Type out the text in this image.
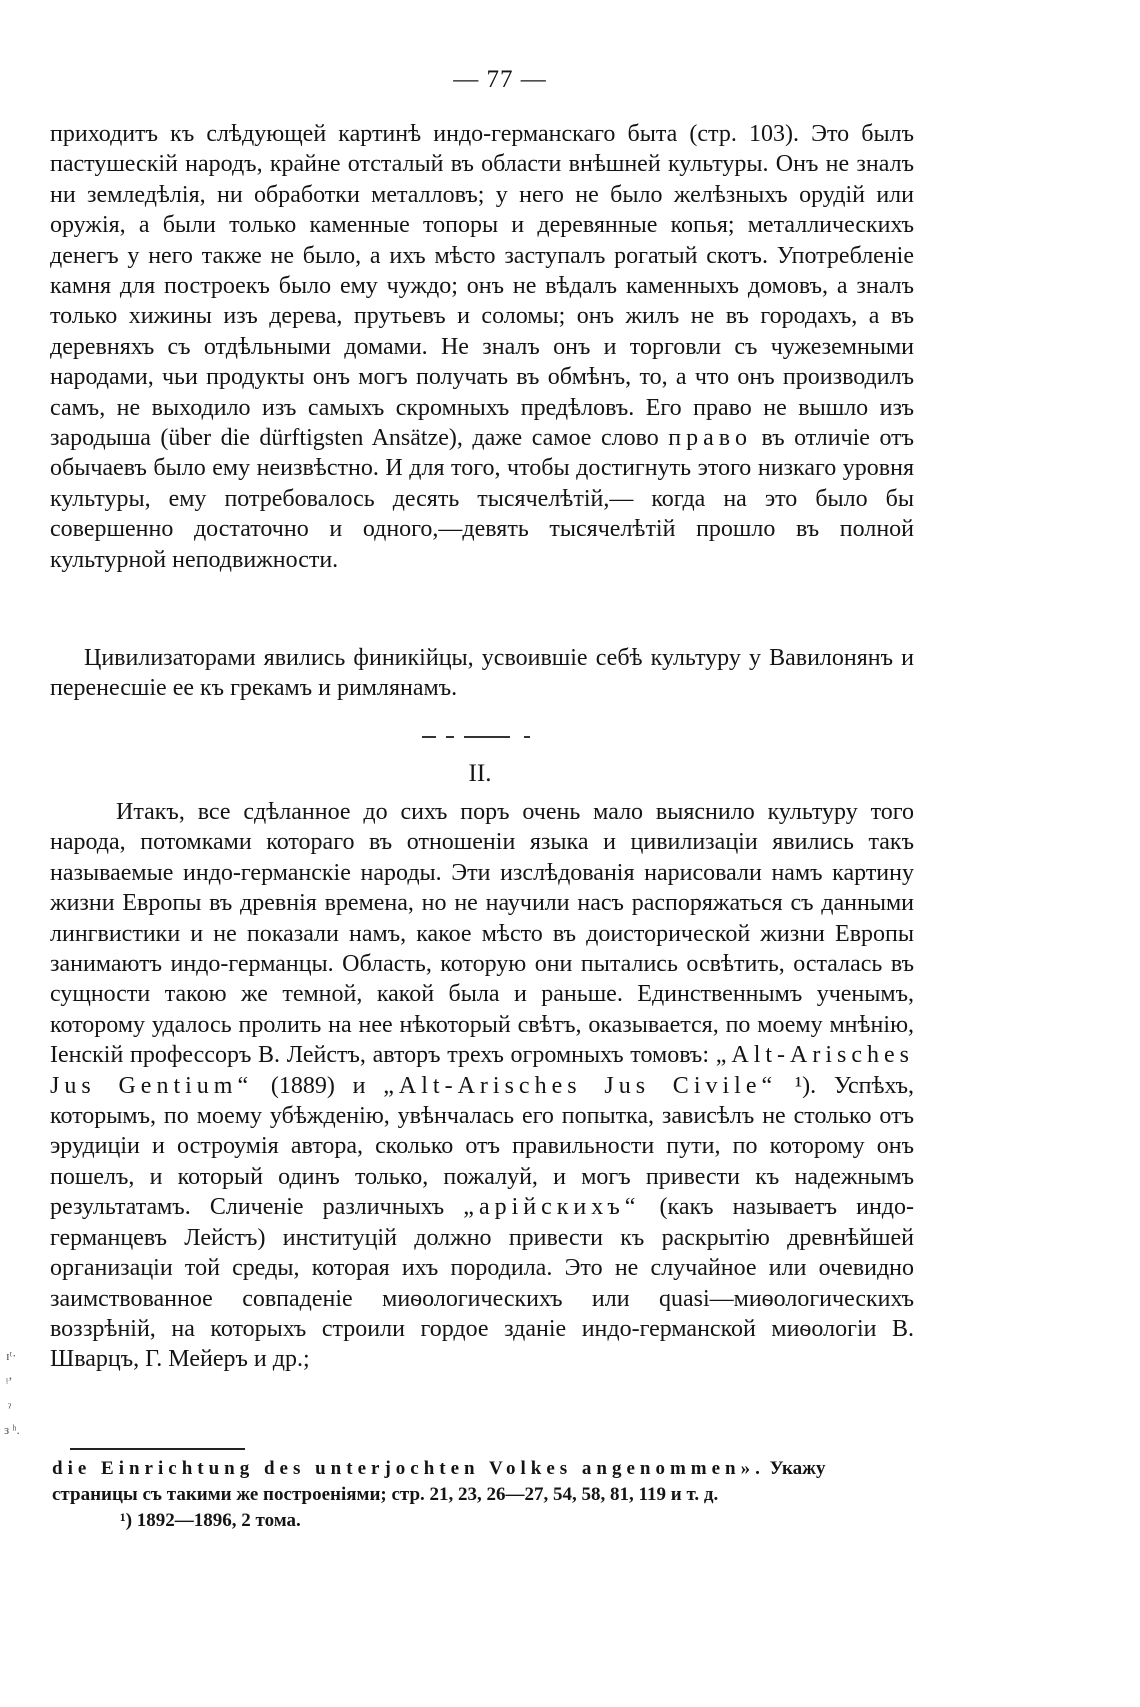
— 77 —

приходитъ къ слѣдующей картинѣ индо-германскаго быта (стр. 103). Это былъ пастушескій народъ, крайне отсталый въ области внѣшней культуры. Онъ не зналъ ни земледѣлія, ни обработки металловъ; у него не было желѣзныхъ орудій или оружія, а были только каменные топоры и деревянные копья; металлическихъ денегъ у него также не было, а ихъ мѣсто заступалъ рогатый скотъ. Употребленіе камня для построекъ было ему чуждо; онъ не вѣдалъ каменныхъ домовъ, а зналъ только хижины изъ дерева, прутьевъ и соломы; онъ жилъ не въ городахъ, а въ деревняхъ съ отдѣльными домами. Не зналъ онъ и торговли съ чужеземными народами, чьи продукты онъ могъ получать въ обмѣнъ, то, а что онъ производилъ самъ, не выходило изъ самыхъ скромныхъ предѣловъ. Его право не вышло изъ зародыша (über die dürftigsten Ansätze), даже самое слово право въ отличіе отъ обычаевъ было ему неизвѣстно. И для того, чтобы достигнуть этого низкаго уровня культуры, ему потребовалось десять тысячелѣтій,— когда на это было бы совершенно достаточно и одного,—девять тысячелѣтій прошло въ полной культурной неподвижности.

Цивилизаторами явились финикійцы, усвоившіе себѣ культуру у Вавилонянъ и перенесшіе ее къ грекамъ и римлянамъ.

II.

Итакъ, все сдѣланное до сихъ поръ очень мало выяснило культуру того народа, потомками котораго въ отношеніи языка и цивилизаціи явились такъ называемые индо-германскіе народы. Эти изслѣдованія нарисовали намъ картину жизни Европы въ древнія времена, но не научили насъ распоряжаться съ данными лингвистики и не показали намъ, какое мѣсто въ доисторической жизни Европы занимаютъ индо-германцы. Область, которую они пытались освѣтить, осталась въ сущности такою же темной, какой была и раньше. Единственнымъ ученымъ, которому удалось пролить на нее нѣкоторый свѣтъ, оказывается, по моему мнѣнію, Іенскій профессоръ В. Лейстъ, авторъ трехъ огромныхъ томовъ: „Alt-Arisches Jus Gentium“ (1889) и „Alt-Arisches Jus Civile“ ¹). Успѣхъ, которымъ, по моему убѣжденію, увѣнчалась его попытка, зависѣлъ не столько отъ эрудиціи и остроумія автора, сколько отъ правильности пути, по которому онъ пошелъ, и который одинъ только, пожалуй, и могъ привести къ надежнымъ результатамъ. Сличеніе различныхъ „арійскихъ“ (какъ называетъ индо-германцевъ Лейстъ) институцій должно привести къ раскрытію древнѣйшей организаціи той среды, которая ихъ породила. Это не случайное или очевидно заимствованное совпаденіе миѳологическихъ или quasi—миѳологическихъ воззрѣній, на которыхъ строили гордое зданіе индо-германской миѳологіи В. Шварцъ, Г. Мейеръ и др.;

die Einrichtung des unterjochten Volkes angenommen». Укажу страницы съ такими же построеніями; стр. 21, 23, 26—27, 54, 58, 81, 119 и т. д.

¹) 1892—1896, 2 тома.

ɪᵗ·
ᵎʼ
ˀ
з ʰ.
